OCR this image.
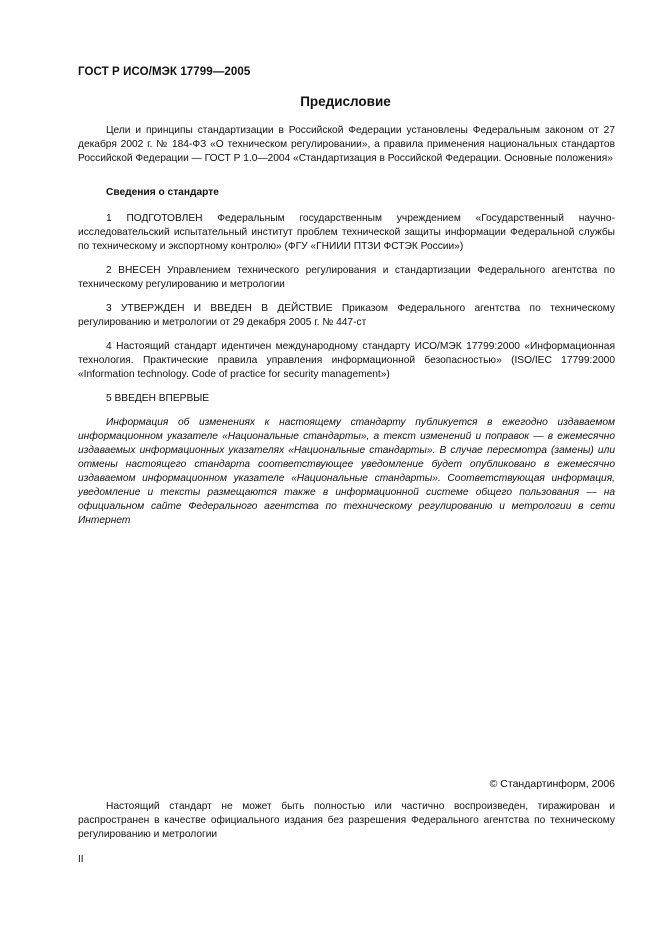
ГОСТ Р ИСО/МЭК 17799—2005
Предисловие
Цели и принципы стандартизации в Российской Федерации установлены Федеральным законом от 27 декабря 2002 г. № 184-ФЗ «О техническом регулировании», а правила применения национальных стандартов Российской Федерации — ГОСТ Р 1.0—2004 «Стандартизация в Российской Федерации. Основные положения»
Сведения о стандарте
1 ПОДГОТОВЛЕН Федеральным государственным учреждением «Государственный научно-исследовательский испытательный институт проблем технической защиты информации Федеральной службы по техническому и экспортному контролю» (ФГУ «ГНИИИ ПТЗИ ФСТЭК России»)
2 ВНЕСЕН Управлением технического регулирования и стандартизации Федерального агентства по техническому регулированию и метрологии
3 УТВЕРЖДЕН И ВВЕДЕН В ДЕЙСТВИЕ Приказом Федерального агентства по техническому регулированию и метрологии от 29 декабря 2005 г. № 447-ст
4 Настоящий стандарт идентичен международному стандарту ИСО/МЭК 17799:2000 «Информационная технология. Практические правила управления информационной безопасностью» (ISO/IEC 17799:2000 «Information technology. Code of practice for security management»)
5 ВВЕДЕН ВПЕРВЫЕ
Информация об изменениях к настоящему стандарту публикуется в ежегодно издаваемом информационном указателе «Национальные стандарты», а текст изменений и поправок — в ежемесячно издаваемых информационных указателях «Национальные стандарты». В случае пересмотра (замены) или отмены настоящего стандарта соответствующее уведомление будет опубликовано в ежемесячно издаваемом информационном указателе «Национальные стандарты». Соответствующая информация, уведомление и тексты размещаются также в информационной системе общего пользования — на официальном сайте Федерального агентства по техническому регулированию и метрологии в сети Интернет
© Стандартинформ, 2006
Настоящий стандарт не может быть полностью или частично воспроизведен, тиражирован и распространен в качестве официального издания без разрешения Федерального агентства по техническому регулированию и метрологии
II
